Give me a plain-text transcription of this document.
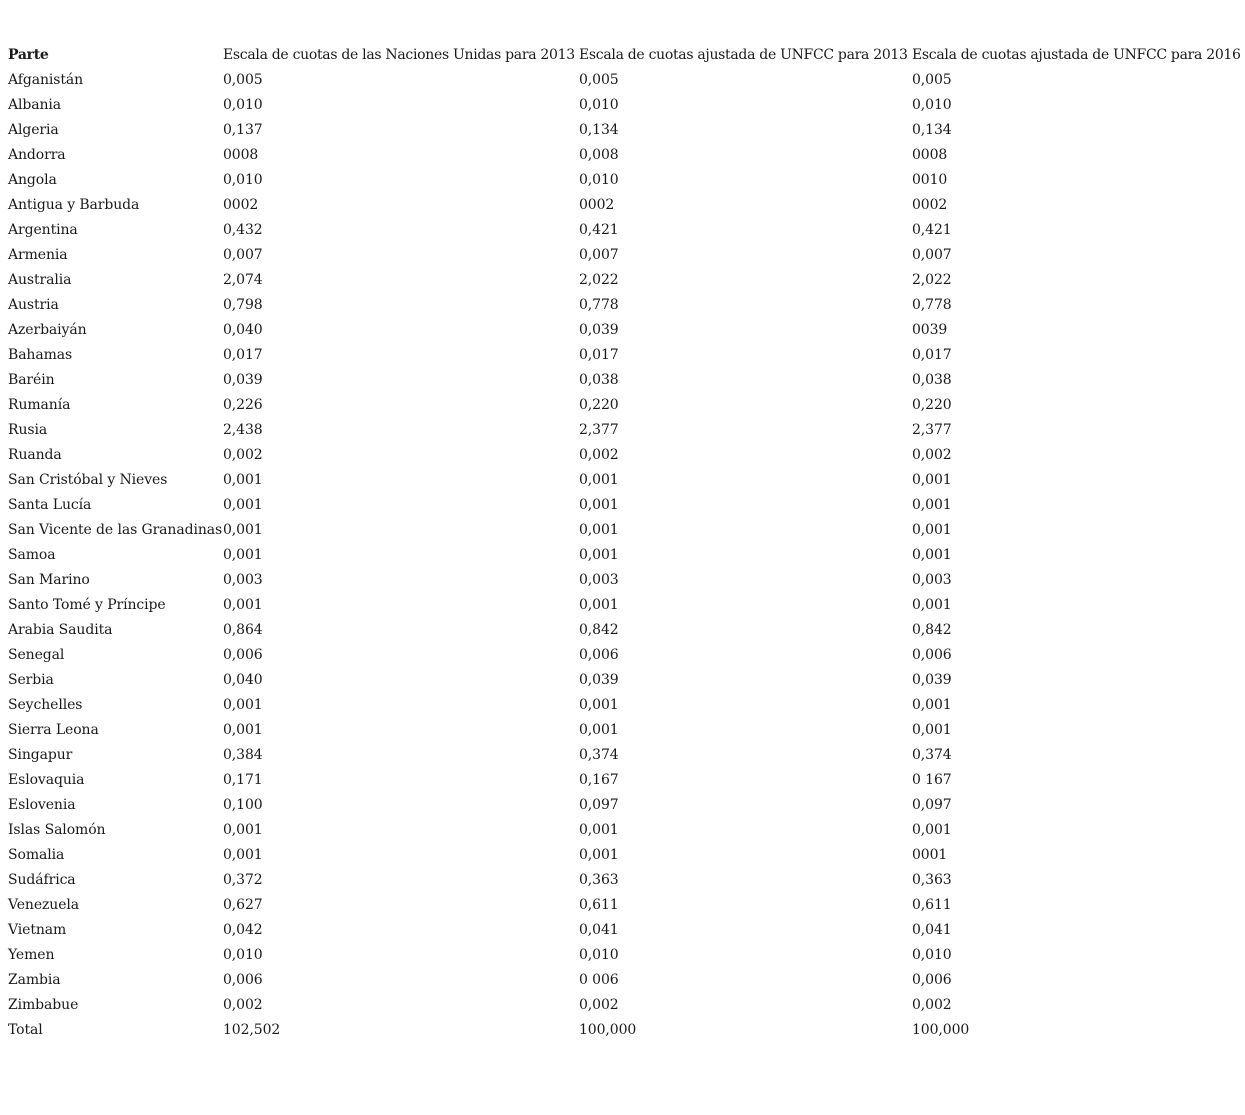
Parte	Escala de cuotas de las Naciones Unidas para 2013	Escala de cuotas ajustada de UNFCC para 2013	Escala de cuotas ajustada de UNFCC para 2016
Afganistán	0,005	0,005	0,005
Albania	0,010	0,010	0,010
Algeria	0,137	0,134	0,134
Andorra	0008	0,008	0008
Angola	0,010	0,010	0010
Antigua y Barbuda	0002	0002	0002
Argentina	0,432	0,421	0,421
Armenia	0,007	0,007	0,007
Australia	2,074	2,022	2,022
Austria	0,798	0,778	0,778
Azerbaiyán	0,040	0,039	0039
Bahamas	0,017	0,017	0,017
Baréin	0,039	0,038	0,038
Rumanía	0,226	0,220	0,220
Rusia	2,438	2,377	2,377
Ruanda	0,002	0,002	0,002
San Cristóbal y Nieves	0,001	0,001	0,001
Santa Lucía	0,001	0,001	0,001
San Vicente de las Granadinas	0,001	0,001	0,001
Samoa	0,001	0,001	0,001
San Marino	0,003	0,003	0,003
Santo Tomé y Príncipe	0,001	0,001	0,001
Arabia Saudita	0,864	0,842	0,842
Senegal	0,006	0,006	0,006
Serbia	0,040	0,039	0,039
Seychelles	0,001	0,001	0,001
Sierra Leona	0,001	0,001	0,001
Singapur	0,384	0,374	0,374
Eslovaquia	0,171	0,167	0 167
Eslovenia	0,100	0,097	0,097
Islas Salomón	0,001	0,001	0,001
Somalia	0,001	0,001	0001
Sudáfrica	0,372	0,363	0,363
Venezuela	0,627	0,611	0,611
Vietnam	0,042	0,041	0,041
Yemen	0,010	0,010	0,010
Zambia	0,006	0 006	0,006
Zimbabue	0,002	0,002	0,002
Total	102,502	100,000	100,000
